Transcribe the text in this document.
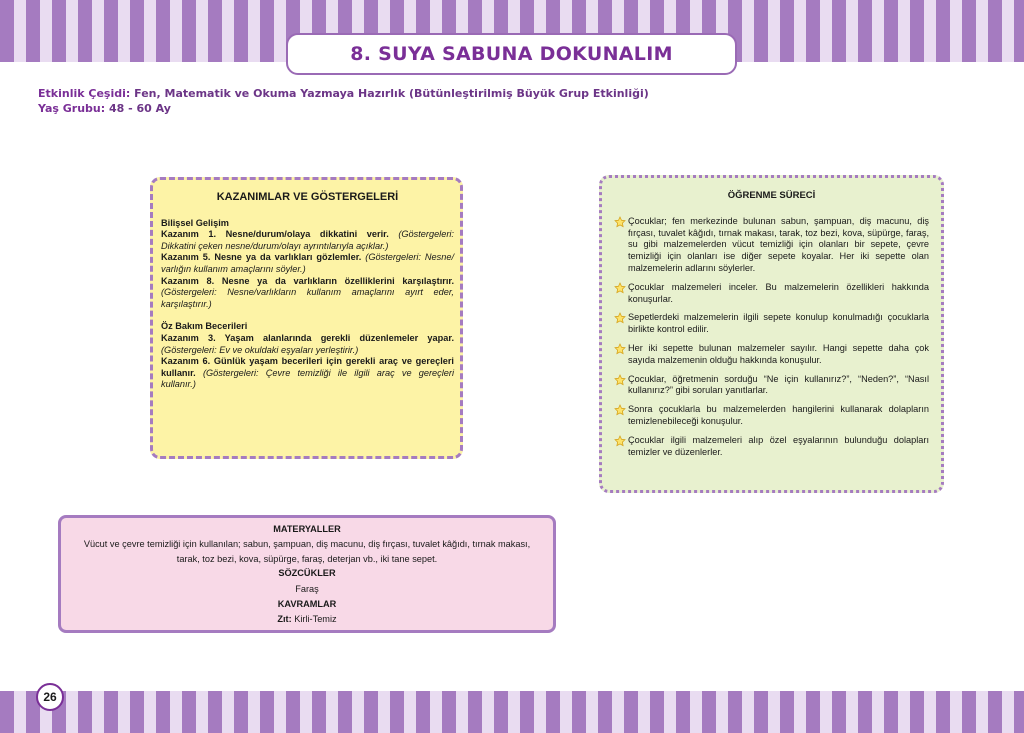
8. SUYA SABUNA DOKUNALIM
Etkinlik Çeşidi: Fen, Matematik ve Okuma Yazmaya Hazırlık (Bütünleştirilmiş Büyük Grup Etkinliği)
Yaş Grubu: 48 - 60 Ay
KAZANIMLAR VE GÖSTERGELERİ
Bilişsel Gelişim

Kazanım 1. Nesne/durum/olaya dikkatini verir. (Göstergeleri: Dikkatini çeken nesne/durum/olayı ayrıntılarıyla açıklar.)

Kazanım 5. Nesne ya da varlıkları gözlemler. (Göstergeleri: Nesne/ varlığın kullanım amaçlarını söyler.)

Kazanım 8. Nesne ya da varlıkların özelliklerini karşılaştırır. (Göstergeleri: Nesne/varlıkların kullanım amaçlarını ayırt eder, karşılaştırır.)

Öz Bakım Becerileri

Kazanım 3. Yaşam alanlarında gerekli düzenlemeler yapar. (Göstergeleri: Ev ve okuldaki eşyaları yerleştirir.)

Kazanım 6. Günlük yaşam becerileri için gerekli araç ve gereçleri kullanır. (Göstergeleri: Çevre temizliği ile ilgili araç ve gereçleri kullanır.)

ÖĞRENME SÜRECİ
Çocuklar; fen merkezinde bulunan sabun, şampuan, diş macunu, diş fırçası, tuvalet kâğıdı, tırnak makası, tarak, toz bezi, kova, süpürge, faraş, su gibi malzemelerden vücut temizliği için olanları bir sepete, çevre temizliği için olanları ise diğer sepete koyalar. Her iki sepette olan malzemelerin adlarını söylerler.
Çocuklar malzemeleri inceler. Bu malzemelerin özellikleri hakkında konuşurlar.
Sepetlerdeki malzemelerin ilgili sepete konulup konulmadığı çocuklarla birlikte kontrol edilir.
Her iki sepette bulunan malzemeler sayılır. Hangi sepette daha çok sayıda malzemenin olduğu hakkında konuşulur.
Çocuklar, öğretmenin sorduğu “Ne için kullanırız?”, “Neden?”, “Nasıl kullanırız?” gibi soruları yanıtlarlar.
Sonra çocuklarla bu malzemelerden hangilerini kullanarak dolapların temizlenebileceği konuşulur.
Çocuklar ilgili malzemeleri alıp özel eşyalarının bulunduğu dolapları temizler ve düzenlerler.
MATERYALLER
Vücut ve çevre temizliği için kullanılan; sabun, şampuan, diş macunu, diş fırçası, tuvalet kâğıdı, tırnak makası, tarak, toz bezi, kova, süpürge, faraş, deterjan vb., iki tane sepet.
SÖZCÜKLER
Faraş
KAVRAMLAR
Zıt: Kirli-Temiz
26
